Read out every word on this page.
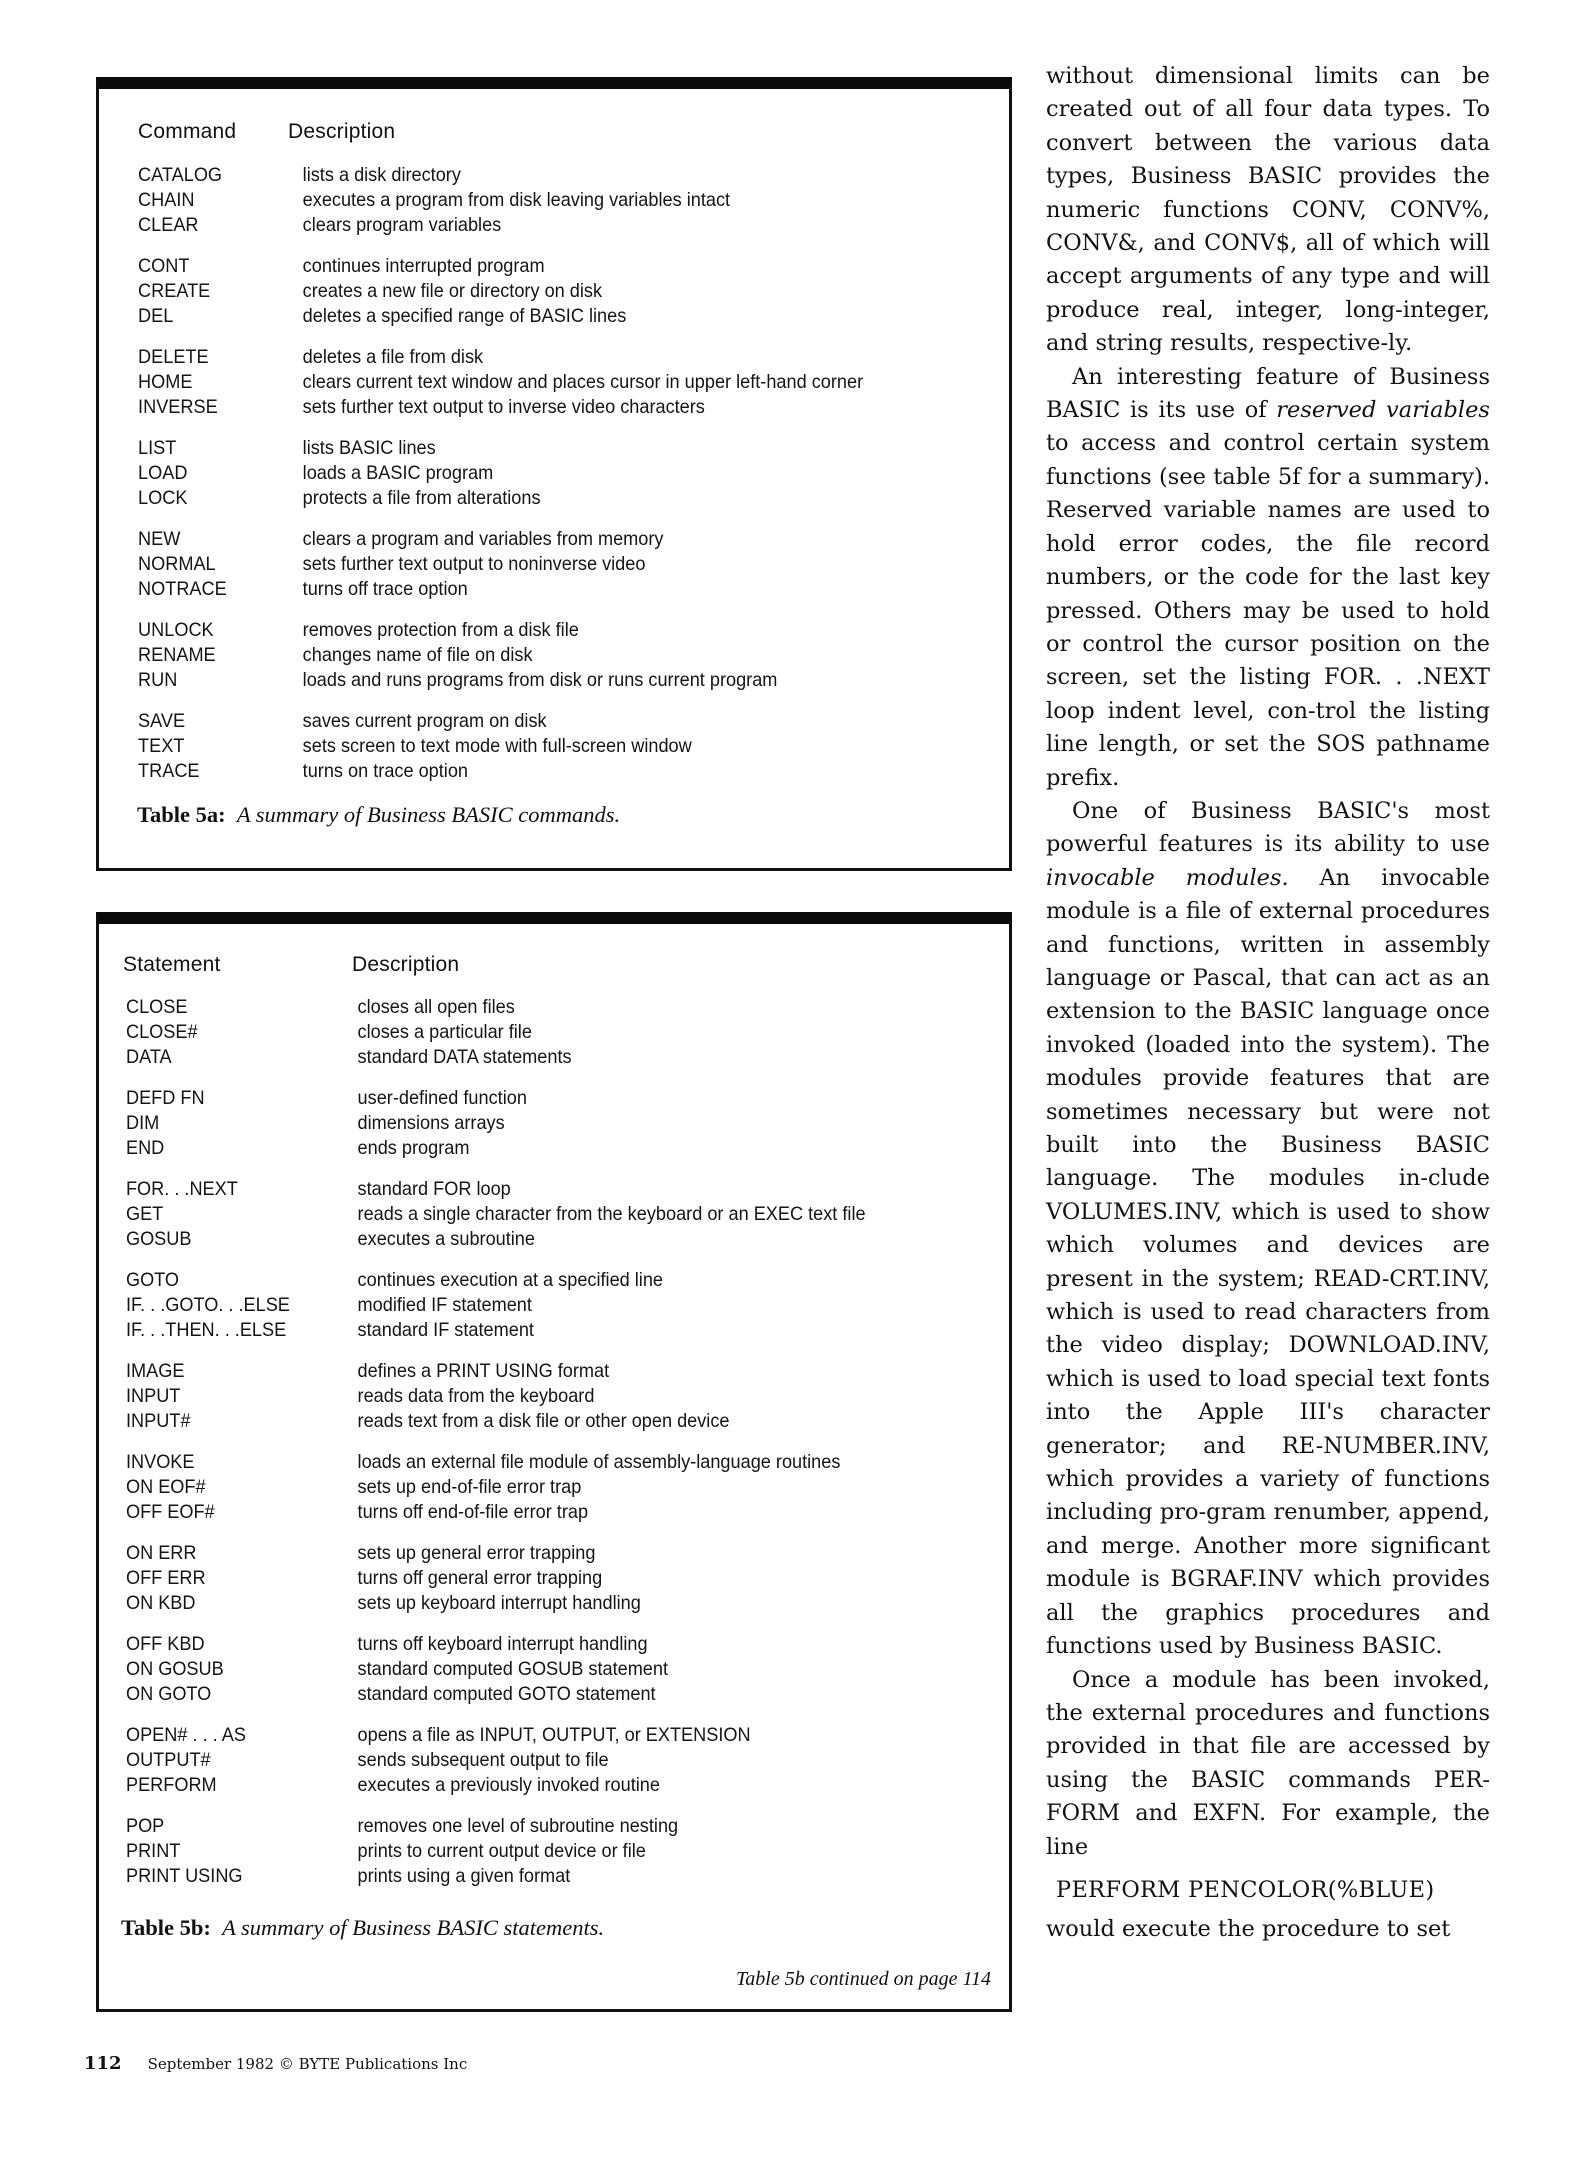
Command Description
CATALOG	lists a disk directory
CHAIN	executes a program from disk leaving variables intact
CLEAR	clears program variables
CONT	continues interrupted program
CREATE	creates a new file or directory on disk
DEL	deletes a specified range of BASIC lines
DELETE	deletes a file from disk
HOME	clears current text window and places cursor in upper left-hand corner
INVERSE	sets further text output to inverse video characters
LIST	lists BASIC lines
LOAD	loads a BASIC program
LOCK	protects a file from alterations
NEW	clears a program and variables from memory
NORMAL	sets further text output to noninverse video
NOTRACE	turns off trace option
UNLOCK	removes protection from a disk file
RENAME	changes name of file on disk
RUN	loads and runs programs from disk or runs current program
SAVE	saves current program on disk
TEXT	sets screen to text mode with full-screen window
TRACE	turns on trace option
Table 5a: A summary of Business BASIC commands.
Statement	Description
CLOSE	closes all open files
CLOSE#	closes a particular file
DATA	standard DATA statements
DEFD FN	user-defined function
DIM	dimensions arrays
END	ends program
FOR. . .NEXT	standard FOR loop
GET	reads a single character from the keyboard or an EXEC text file
GOSUB	executes a subroutine
GOTO	continues execution at a specified line
IF. . .GOTO. . .ELSE	modified IF statement
IF. . .THEN. . .ELSE	standard IF statement
IMAGE	defines a PRINT USING format
INPUT	reads data from the keyboard
INPUT#	reads text from a disk file or other open device
INVOKE	loads an external file module of assembly-language routines
ON EOF#	sets up end-of-file error trap
OFF EOF#	turns off end-of-file error trap
ON ERR	sets up general error trapping
OFF ERR	turns off general error trapping
ON KBD	sets up keyboard interrupt handling
OFF KBD	turns off keyboard interrupt handling
ON GOSUB	standard computed GOSUB statement
ON GOTO	standard computed GOTO statement
OPEN# . . . AS	opens a file as INPUT, OUTPUT, or EXTENSION
OUTPUT#	sends subsequent output to file
PERFORM	executes a previously invoked routine
POP	removes one level of subroutine nesting
PRINT	prints to current output device or file
PRINT USING	prints using a given format
Table 5b: A summary of Business BASIC statements.
Table 5b continued on page 114

without dimensional limits can be created out of all four data types. To convert between the various data types, Business BASIC provides the numeric functions CONV, CONV%, CONV&, and CONV$, all of which will accept arguments of any type and will produce real, integer, long-integer, and string results, respective-ly.

An interesting feature of Business BASIC is its use of reserved variables to access and control certain system functions (see table 5f for a summary). Reserved variable names are used to hold error codes, the file record numbers, or the code for the last key pressed. Others may be used to hold or control the cursor position on the screen, set the listing FOR. . .NEXT loop indent level, con-trol the listing line length, or set the SOS pathname prefix.

One of Business BASIC's most powerful features is its ability to use invocable modules. An invocable module is a file of external procedures and functions, written in assembly language or Pascal, that can act as an extension to the BASIC language once invoked (loaded into the system). The modules provide features that are sometimes necessary but were not built into the Business BASIC language. The modules in-clude VOLUMES.INV, which is used to show which volumes and devices are present in the system; READ-CRT.INV, which is used to read characters from the video display; DOWNLOAD.INV, which is used to load special text fonts into the Apple III's character generator; and RE-NUMBER.INV, which provides a variety of functions including pro-gram renumber, append, and merge. Another more significant module is BGRAF.INV which provides all the graphics procedures and functions used by Business BASIC.

Once a module has been invoked, the external procedures and functions provided in that file are accessed by using the BASIC commands PER-FORM and EXFN. For example, the line

PERFORM PENCOLOR(%BLUE)

would execute the procedure to set

112 September 1982 © BYTE Publications Inc
